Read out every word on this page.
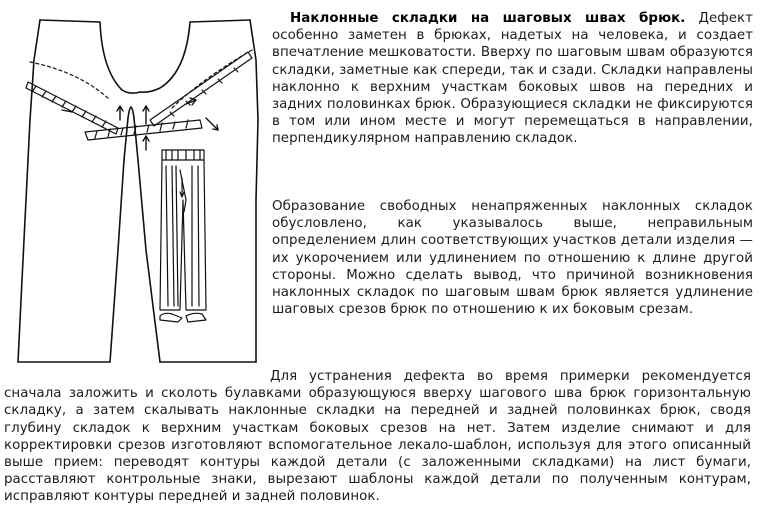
Наклонные складки на шаговых швах брюк. Дефект особенно заметен в брюках, надетых на человека, и создает впечатление мешковатости. Вверху по шаговым швам образуются складки, заметные как спереди, так и сзади. Складки направлены наклонно к верхним участкам боковых швов на передних и задних половинках брюк. Образующиеся складки не фиксируются в том или ином месте и могут перемещаться в направлении, перпендикулярном направлению складок.

Образование свободных ненапряженных наклонных складок обусловлено, как указывалось выше, неправильным определением длин соответствующих участков детали изделия — их укорочением или удлинением по отношению к длине другой стороны. Можно сделать вывод, что причиной возникновения наклонных складок по шаговым швам брюк является удлинение шаговых срезов брюк по отношению к их боковым срезам.

Для устранения дефекта во время примерки рекомендуется сначала заложить и сколоть булавками образующуюся вверху шагового шва брюк горизонтальную складку, а затем скалывать наклонные складки на передней и задней половинках брюк, сводя глубину складок к верхним участкам боковых срезов на нет. Затем изделие снимают и для корректировки срезов изготовляют вспомогательное лекало-шаблон, используя для этого описанный выше прием: переводят контуры каждой детали (с заложенными складками) на лист бумаги, расставляют контрольные знаки, вырезают шаблоны каждой детали по полученным контурам, исправляют контуры передней и задней половинок.
